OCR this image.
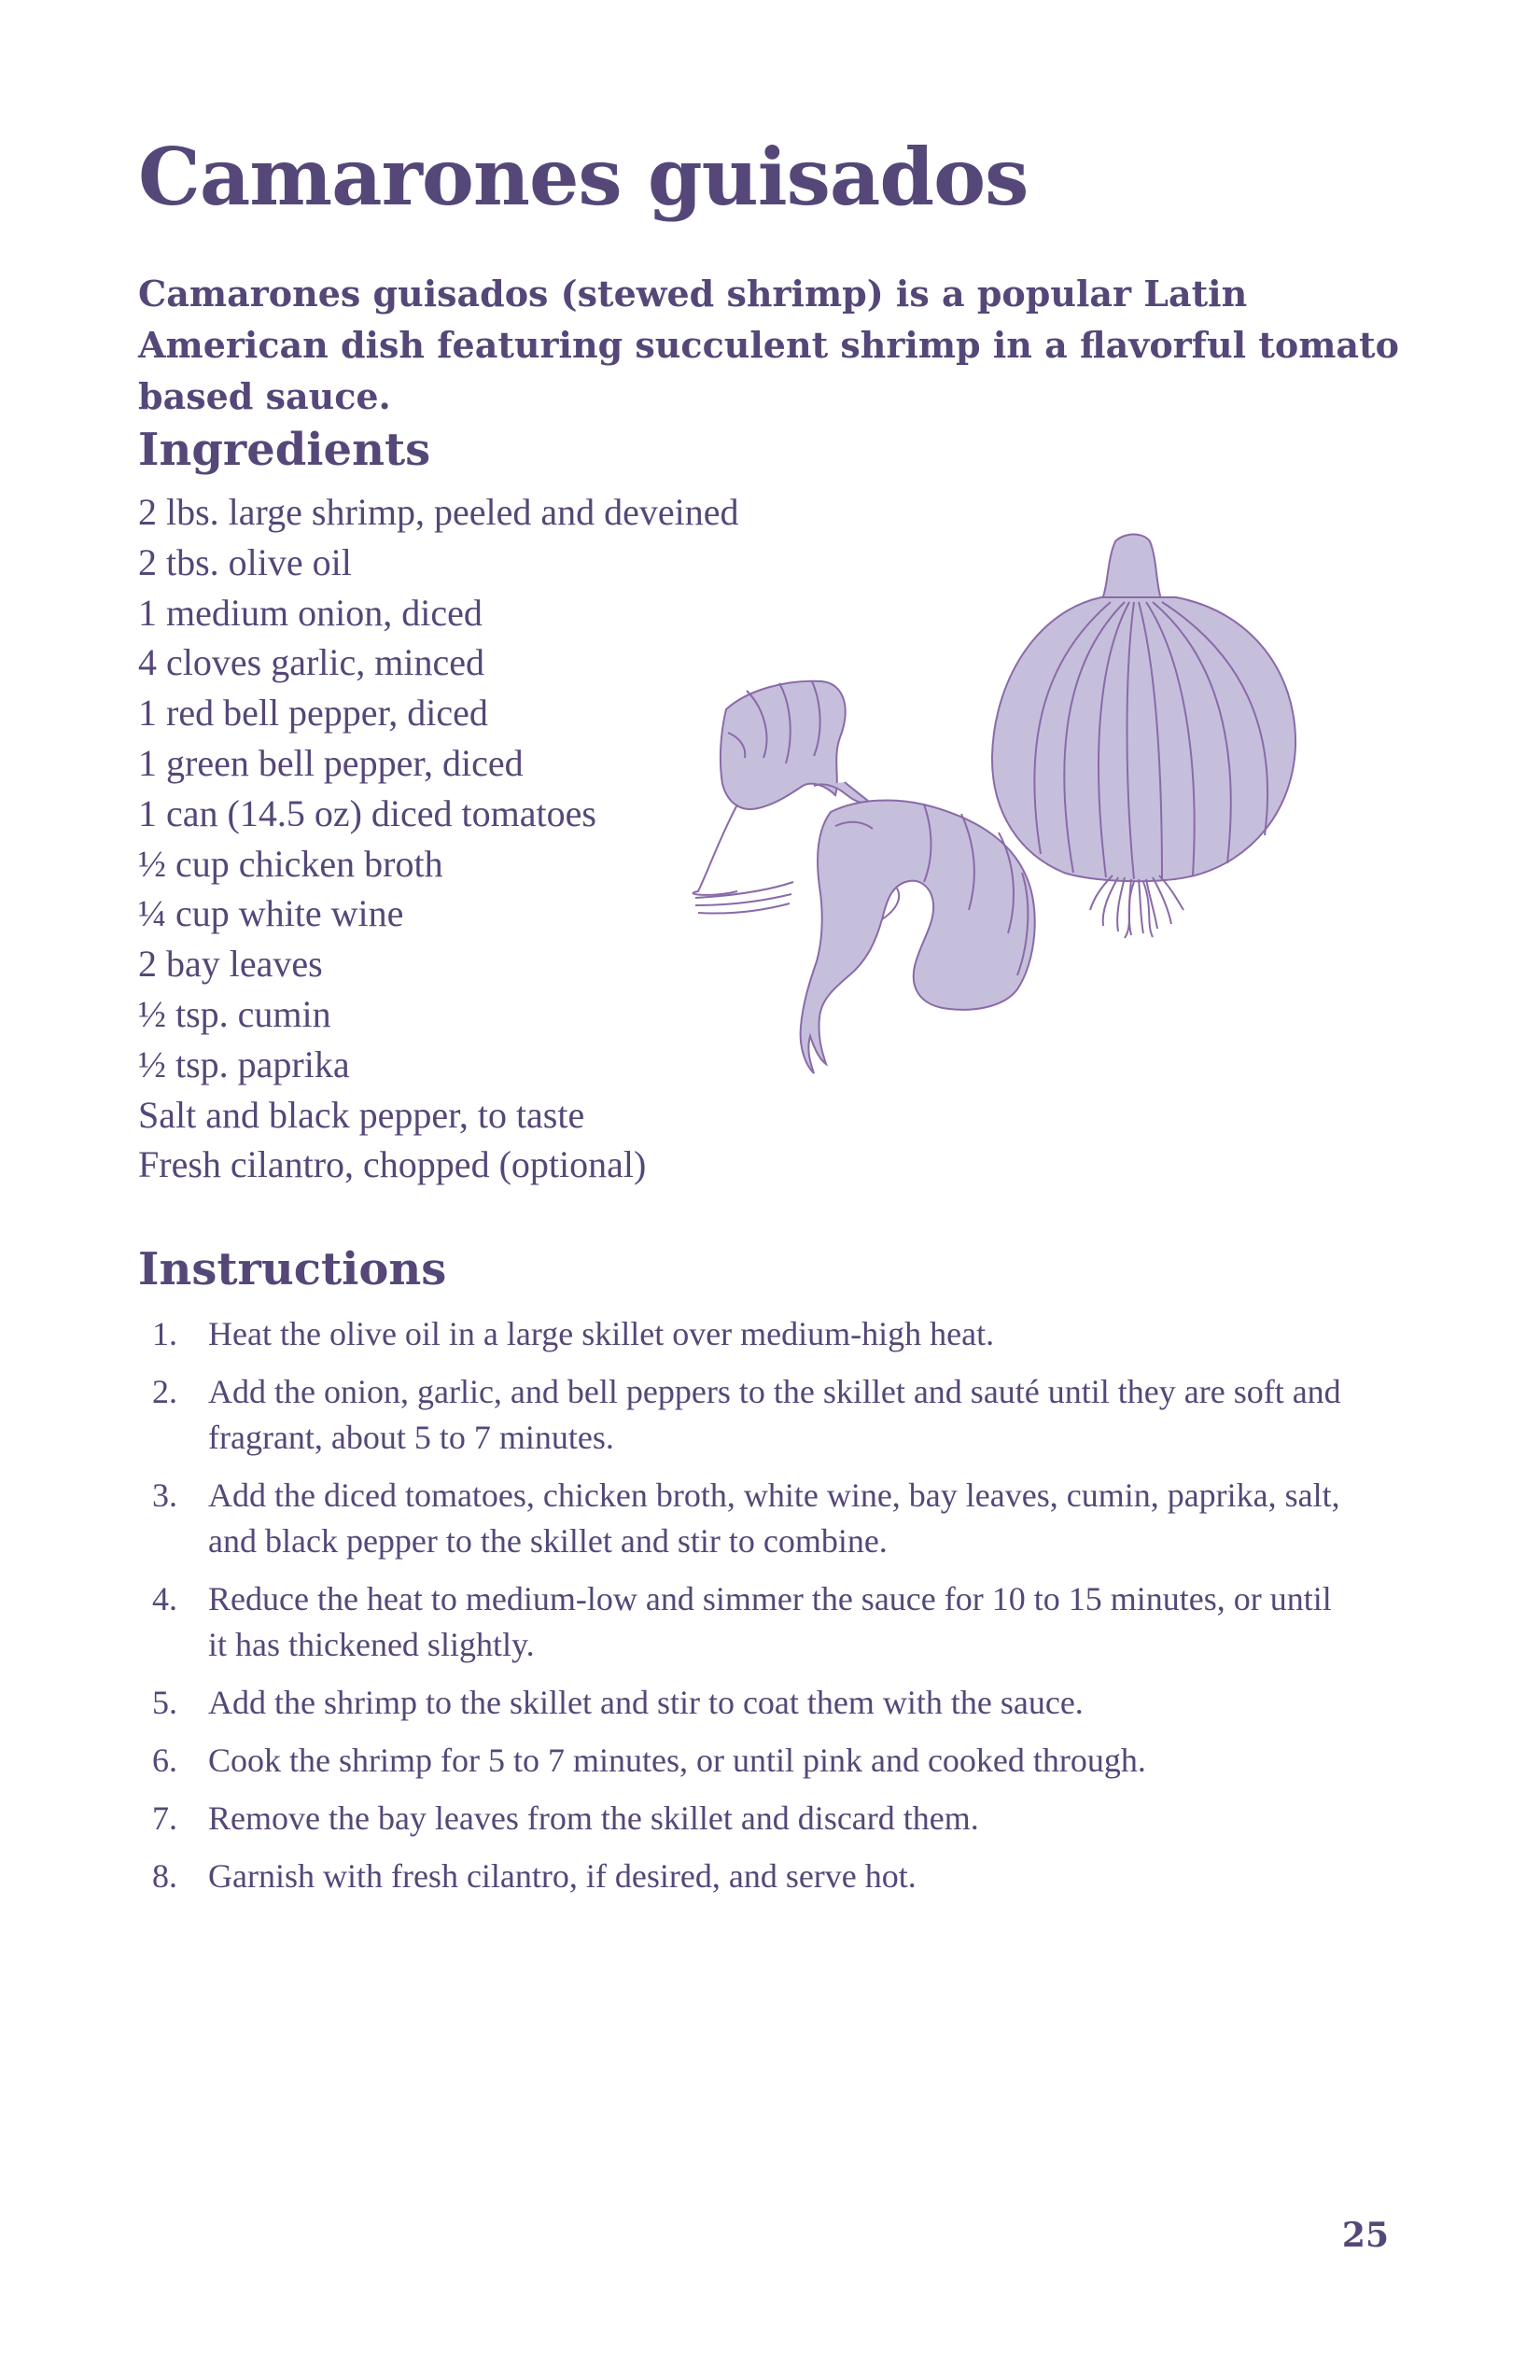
Camarones guisados

Camarones guisados (stewed shrimp) is a popular Latin American dish featuring succulent shrimp in a flavorful tomato based sauce.

Ingredients
2 lbs. large shrimp, peeled and deveined
2 tbs. olive oil
1 medium onion, diced
4 cloves garlic, minced
1 red bell pepper, diced
1 green bell pepper, diced
1 can (14.5 oz) diced tomatoes
½ cup chicken broth
¼ cup white wine
2 bay leaves
½ tsp. cumin
½ tsp. paprika
Salt and black pepper, to taste
Fresh cilantro, chopped (optional)
Instructions
1. Heat the olive oil in a large skillet over medium-high heat.
2. Add the onion, garlic, and bell peppers to the skillet and sauté until they are soft and fragrant, about 5 to 7 minutes.
3. Add the diced tomatoes, chicken broth, white wine, bay leaves, cumin, paprika, salt, and black pepper to the skillet and stir to combine.
4. Reduce the heat to medium-low and simmer the sauce for 10 to 15 minutes, or until it has thickened slightly.
5. Add the shrimp to the skillet and stir to coat them with the sauce.
6. Cook the shrimp for 5 to 7 minutes, or until pink and cooked through.
7. Remove the bay leaves from the skillet and discard them.
8. Garnish with fresh cilantro, if desired, and serve hot.

25
